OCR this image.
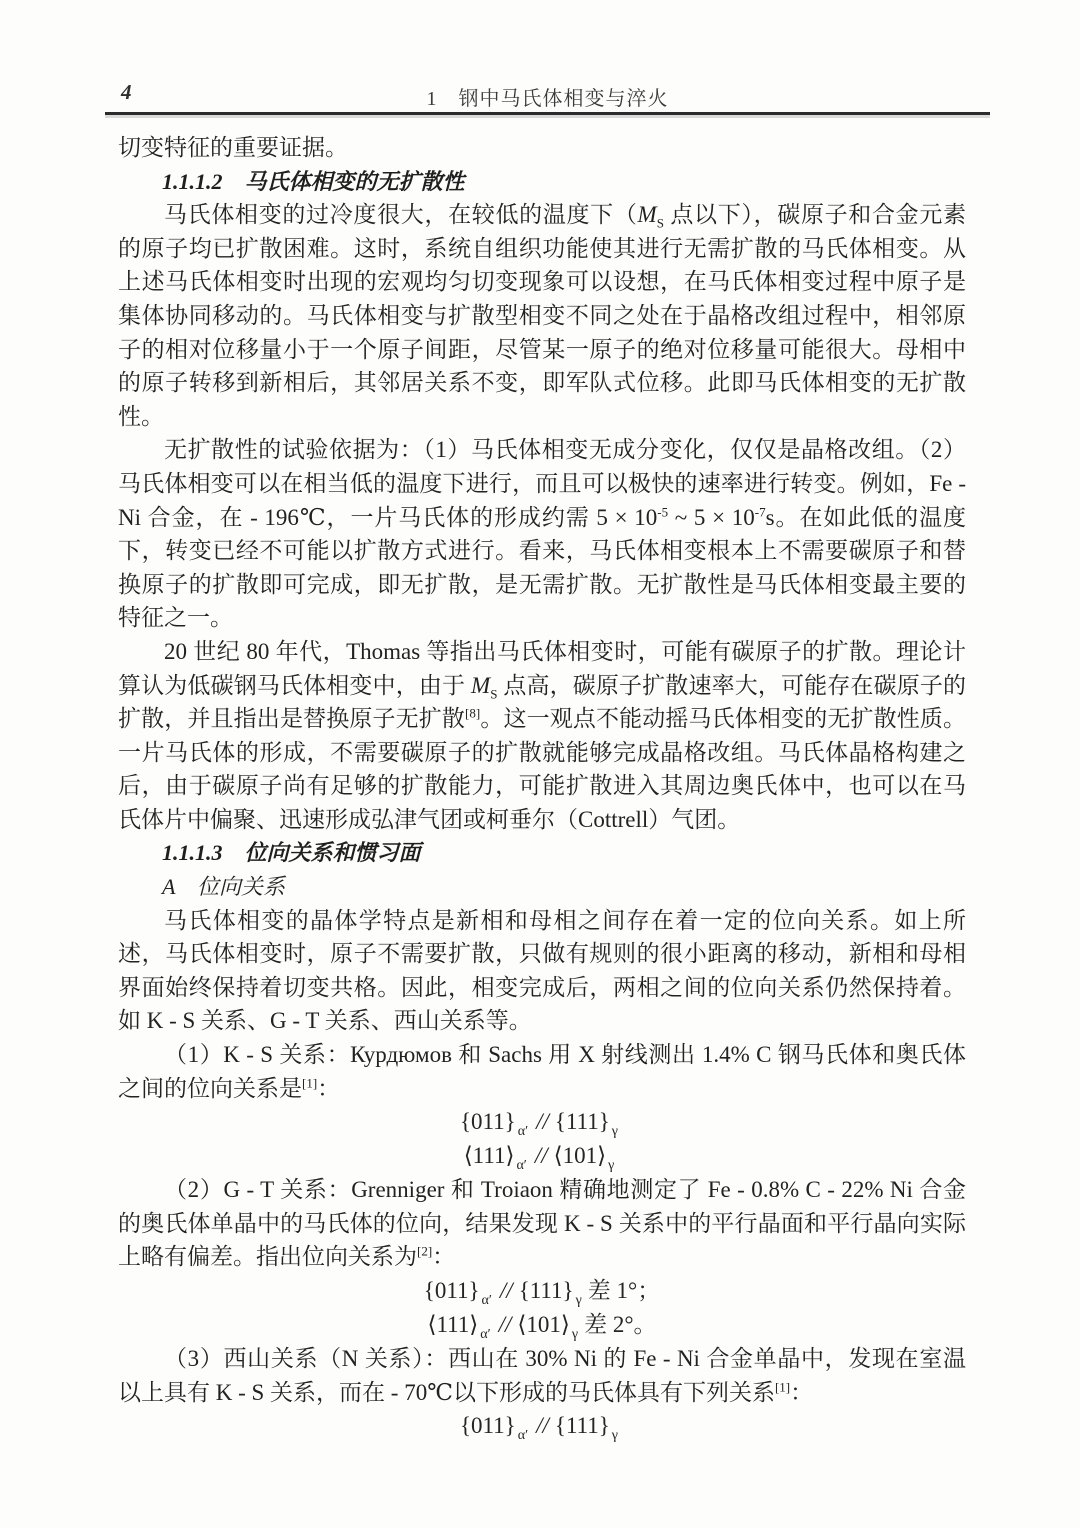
4	1　钢中马氏体相变与淬火

切变特征的重要证据。

1.1.1.2　马氏体相变的无扩散性

马氏体相变的过冷度很大，在较低的温度下（$M_S$ 点以下），碳原子和合金元素的原子均已扩散困难。这时，系统自组织功能使其进行无需扩散的马氏体相变。从上述马氏体相变时出现的宏观均匀切变现象可以设想，在马氏体相变过程中原子是集体协同移动的。马氏体相变与扩散型相变不同之处在于晶格改组过程中，相邻原子的相对位移量小于一个原子间距，尽管某一原子的绝对位移量可能很大。母相中的原子转移到新相后，其邻居关系不变，即军队式位移。此即马氏体相变的无扩散性。

无扩散性的试验依据为：（1）马氏体相变无成分变化，仅仅是晶格改组。（2）马氏体相变可以在相当低的温度下进行，而且可以极快的速率进行转变。例如，Fe - Ni 合金，在 - 196℃，一片马氏体的形成约需 $5 \times 10^{-5}$ ~ $5 \times 10^{-7}s$。在如此低的温度下，转变已经不可能以扩散方式进行。看来，马氏体相变根本上不需要碳原子和替换原子的扩散即可完成，即无扩散，是无需扩散。无扩散性是马氏体相变最主要的特征之一。

20 世纪 80 年代，Thomas 等指出马氏体相变时，可能有碳原子的扩散。理论计算认为低碳钢马氏体相变中，由于 $M_S$ 点高，碳原子扩散速率大，可能存在碳原子的扩散，并且指出是替换原子无扩散[8]。这一观点不能动摇马氏体相变的无扩散性质。一片马氏体的形成，不需要碳原子的扩散就能够完成晶格改组。马氏体晶格构建之后，由于碳原子尚有足够的扩散能力，可能扩散进入其周边奥氏体中，也可以在马氏体片中偏聚、迅速形成弘津气团或柯垂尔（Cottrell）气团。

1.1.1.3　位向关系和惯习面

A　位向关系

马氏体相变的晶体学特点是新相和母相之间存在着一定的位向关系。如上所述，马氏体相变时，原子不需要扩散，只做有规则的很小距离的移动，新相和母相界面始终保持着切变共格。因此，相变完成后，两相之间的位向关系仍然保持着。如 K - S 关系、G - T 关系、西山关系等。

（1）K - S 关系：Курдюмов 和 Sachs 用 X 射线测出 1.4% C 钢马氏体和奥氏体之间的位向关系是[1]：

{011} $_{\alpha'}$ // {111} $_\gamma$
⟨111⟩ $_{\alpha'}$ // ⟨101⟩ $_\gamma$

（2）G - T 关系：Grenniger 和 Troiaon 精确地测定了 Fe - 0.8% C - 22% Ni 合金的奥氏体单晶中的马氏体的位向，结果发现 K - S 关系中的平行晶面和平行晶向实际上略有偏差。指出位向关系为[2]：

{011} $_{\alpha'}$ // {111} $_\gamma$ 差 1°；
⟨111⟩ $_{\alpha'}$ // ⟨101⟩ $_\gamma$ 差 2°。

（3）西山关系（N 关系）：西山在 30% Ni 的 Fe - Ni 合金单晶中，发现在室温以上具有 K - S 关系，而在 - 70℃以下形成的马氏体具有下列关系[1]：

{011} $_{\alpha'}$ // {111} $_\gamma$
